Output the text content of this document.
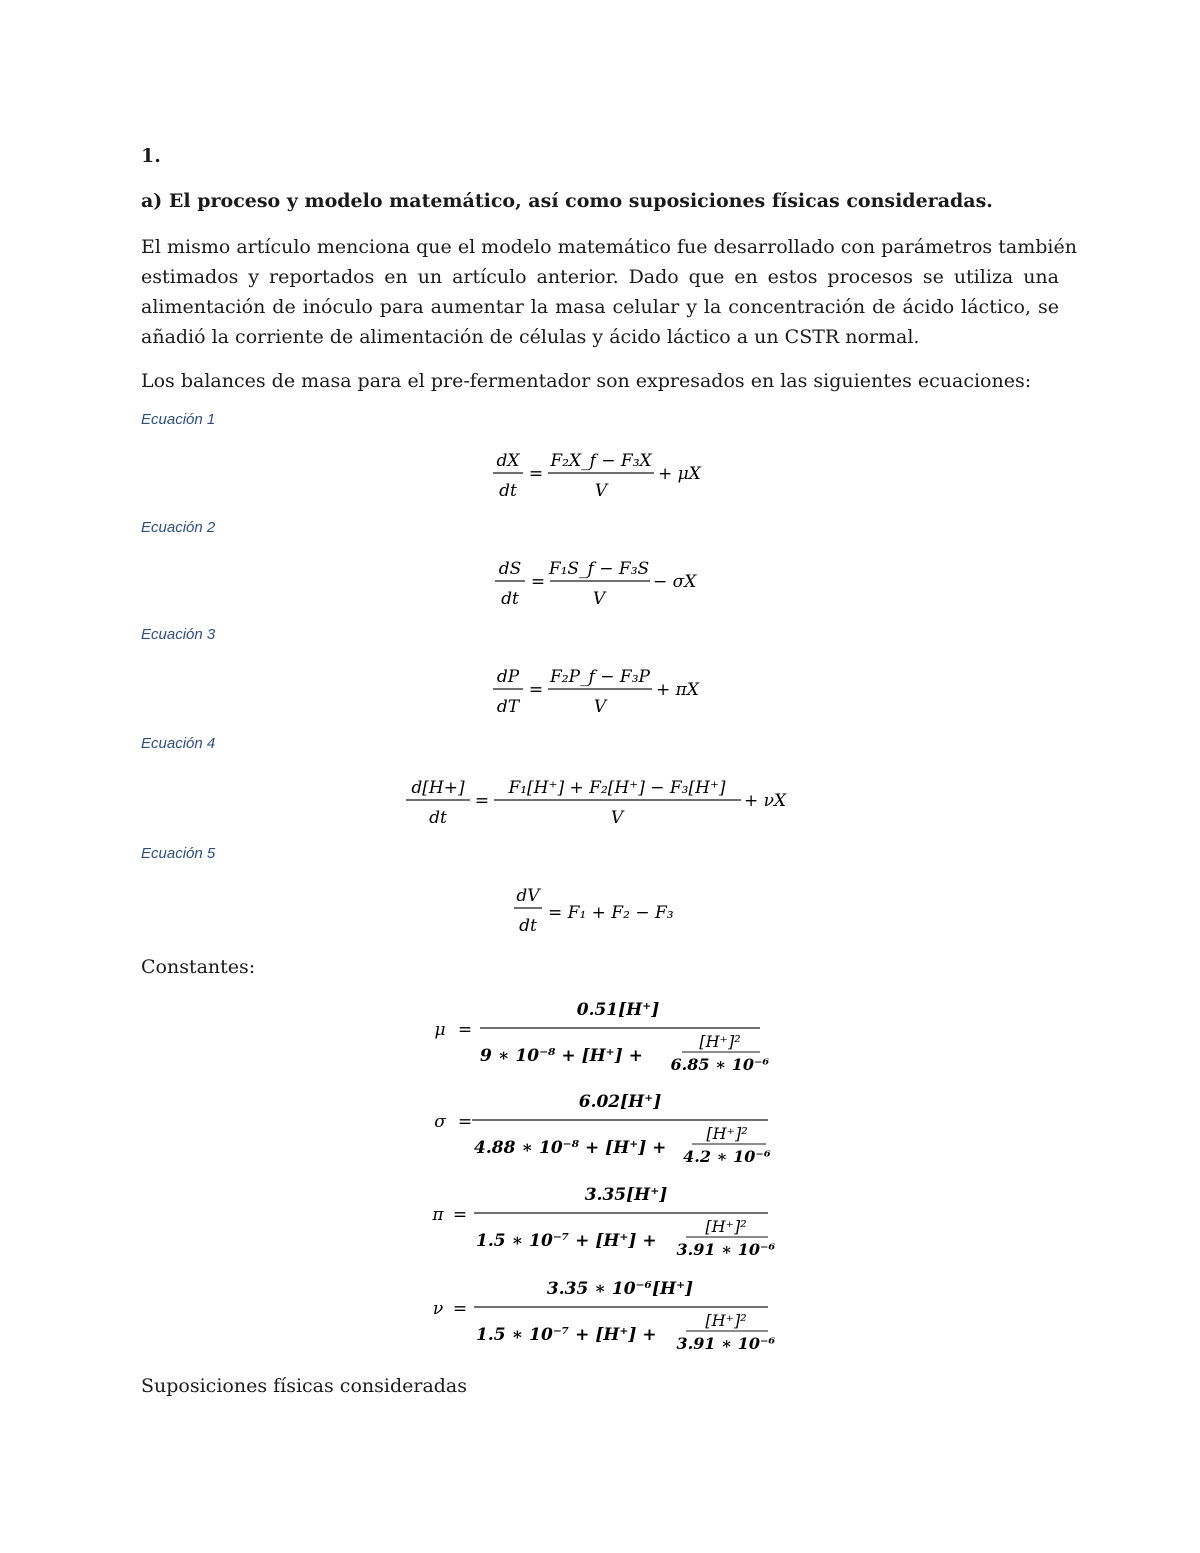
1.
a) El proceso y modelo matemático, así como suposiciones físicas consideradas.
El mismo artículo menciona que el modelo matemático fue desarrollado con parámetros también
estimados y reportados en un artículo anterior. Dado que en estos procesos se utiliza una
alimentación de inóculo para aumentar la masa celular y la concentración de ácido láctico, se
añadió la corriente de alimentación de células y ácido láctico a un CSTR normal.
Los balances de masa para el pre-fermentador son expresados en las siguientes ecuaciones:
Ecuación 1
Ecuación 2
Ecuación 3
Ecuación 4
Ecuación 5
dX
dt
=
F₂X_f − F₃X
V
+ μX
dS
dt
=
F₁S_f − F₃S
V
− σX
dP
dT
=
F₂P_f − F₃P
V
+ πX
d[H+]
dt
=
F₁[H⁺] + F₂[H⁺] − F₃[H⁺]
V
+ νX
dV
dt
= F₁ + F₂ − F₃
Constantes:
μ =
0.51[H⁺]
9 ∗ 10⁻⁸ + [H⁺] +
[H⁺]²
6.85 ∗ 10⁻⁶
σ =
6.02[H⁺]
4.88 ∗ 10⁻⁸ + [H⁺] +
[H⁺]²
4.2 ∗ 10⁻⁶
π =
3.35[H⁺]
1.5 ∗ 10⁻⁷ + [H⁺] +
[H⁺]²
3.91 ∗ 10⁻⁶
ν =
3.35 ∗ 10⁻⁶[H⁺]
1.5 ∗ 10⁻⁷ + [H⁺] +
[H⁺]²
3.91 ∗ 10⁻⁶
Suposiciones físicas consideradas
